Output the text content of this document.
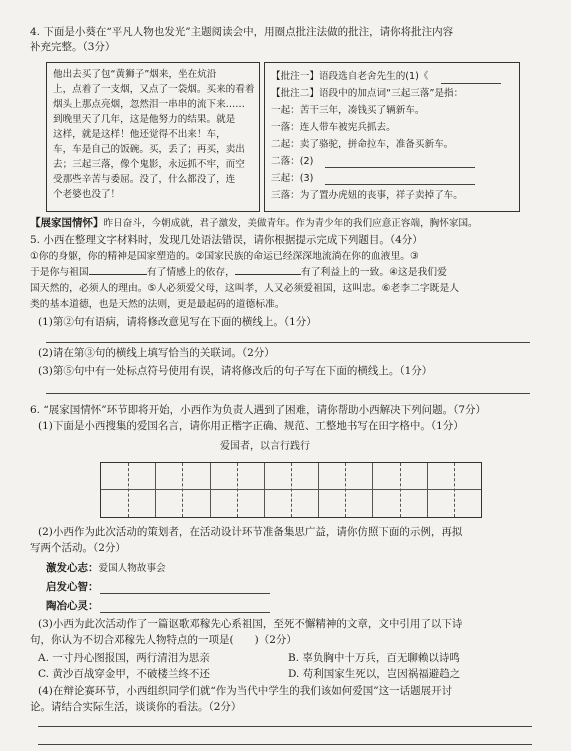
4. 下面是小葵在“平凡人物也发光”主题阅读会中，用圈点批注法做的批注，请你将批注内容
补充完整。（3分）
他出去买了包“黄狮子”烟来，坐在炕沿
上，点着了一支烟，又点了一袋烟。买来的看着
烟头上那点亮烟，忽然泪一串串的流下来……
到晚里天了几年，这是他努力的结果。就是
这样，就是这样！他还觉得不出来！车，
车，车是自己的饭碗。买，丢了；再买，卖出
去；三起三落，像个鬼影，永远抓不牢，而空
受那些辛苦与委屈。没了，什么都没了，连
个老婆也没了！
【批注一】语段选自老舍先生的(1)《
【批注二】语段中的加点词“三起三落”是指：
一起：苦干三年，凑钱买了辆新车。
一落：连人带车被宪兵抓去。
二起：卖了骆驼，拼命拉车，准备买新车。
二落：(2)
三起：(3)
三落：为了置办虎妞的丧事，祥子卖掉了车。
【展家国情怀】昨日奋斗，今朝成就，君子激发，美做青年。作为青少年的我们应意正容端，胸怀家国。
5. 小西在整理文字材料时，发现几处语法错误，请你根据提示完成下列题目。（4分）
①你的身躯，你的精神是国家塑造的。②国家民族的命运已经深深地流淌在你的血液里。③
于是你与祖国	有了情感上的依存，	有了利益上的一致。④这是我们爱
国天然的，必须人的理由。⑤人必须爱父母，这叫孝，人又必须爱祖国，这叫忠。⑥老李二字既是人
类的基本道德，也是天然的法则，更是最起码的道德标准。
(1)第②句有语病，请将修改意见写在下面的横线上。（1分）
(2)请在第③句的横线上填写恰当的关联词。（2分）
(3)第⑤句中有一处标点符号使用有误，请将修改后的句子写在下面的横线上。（1分）
6. “展家国情怀”环节即将开始，小西作为负责人遇到了困难，请你帮助小西解决下列问题。（7分）
(1)下面是小西搜集的爱国名言，请你用正楷字正确、规范、工整地书写在田字格中。（1分）
爱国者，以言行践行
(2)小西作为此次活动的策划者，在活动设计环节准备集思广益，请你仿照下面的示例，再拟
写两个活动。（2分）
激发心志：爱国人物故事会
启发心智：
陶冶心灵：
(3)小西为此次活动作了一篇讴歌邓稼先心系祖国，至死不懈精神的文章，文中引用了以下诗
句，你认为不切合邓稼先人物特点的一项是(　　)（2分）
A. 一寸丹心图报国，两行清泪为思亲	B. 辜负胸中十万兵，百无聊赖以诗鸣
C. 黄沙百战穿金甲，不破楼兰终不还	D. 苟利国家生死以，岂因祸福避趋之
(4)在辩论赛环节，小西组织同学们就“作为当代中学生的我们该如何爱国”这一话题展开讨
论。请结合实际生活，谈谈你的看法。（2分）
